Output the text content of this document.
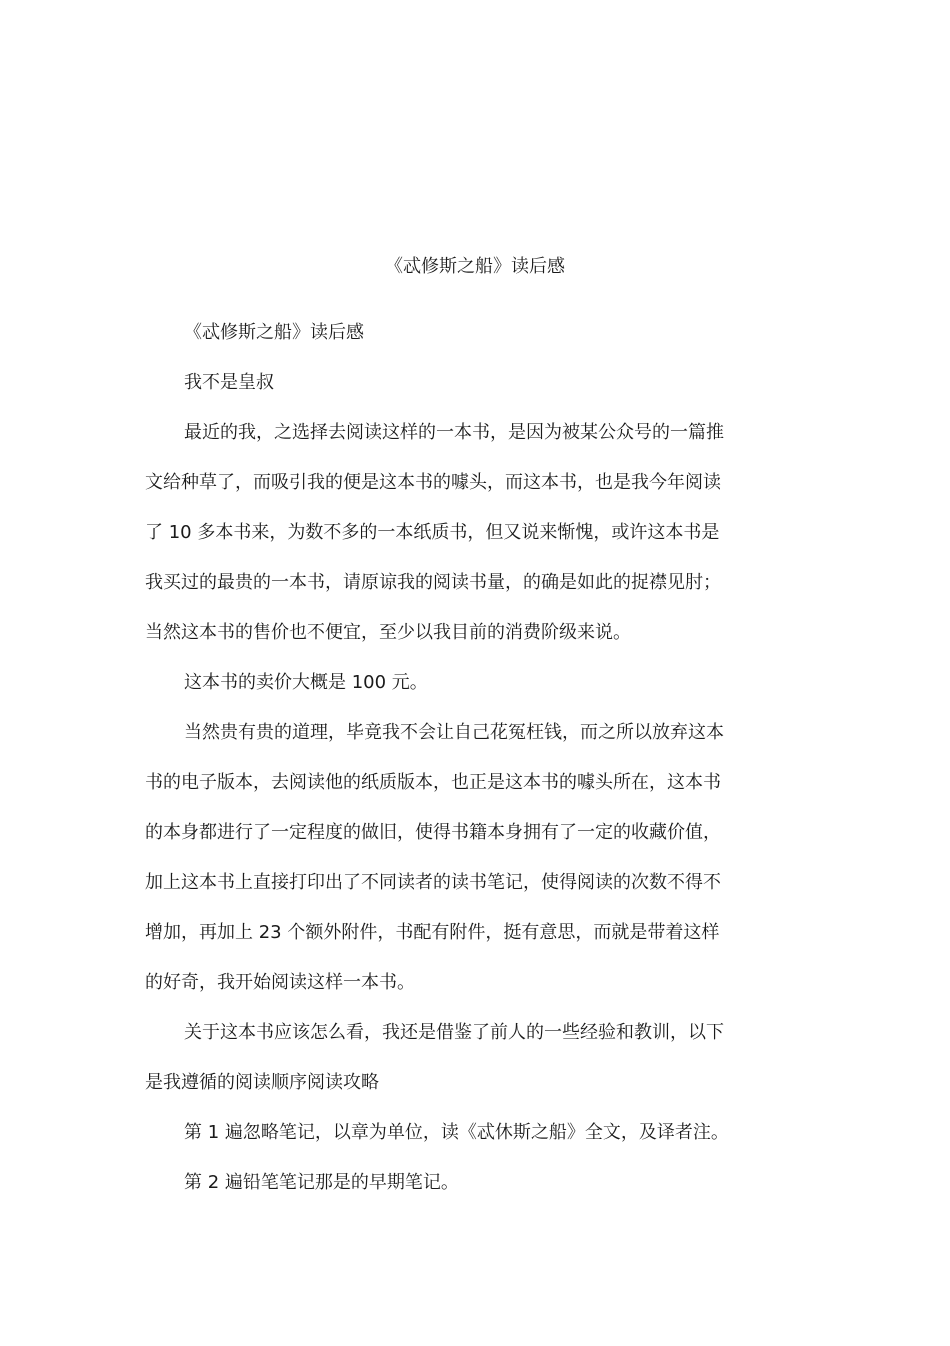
《忒修斯之船》读后感

《忒修斯之船》读后感

我不是皇叔

最近的我，之选择去阅读这样的一本书，是因为被某公众号的一篇推

文给种草了，而吸引我的便是这本书的噱头，而这本书，也是我今年阅读

了 10 多本书来，为数不多的一本纸质书，但又说来惭愧，或许这本书是

我买过的最贵的一本书，请原谅我的阅读书量，的确是如此的捉襟见肘；

当然这本书的售价也不便宜，至少以我目前的消费阶级来说。

这本书的卖价大概是 100 元。

当然贵有贵的道理，毕竟我不会让自己花冤枉钱，而之所以放弃这本

书的电子版本，去阅读他的纸质版本，也正是这本书的噱头所在，这本书

的本身都进行了一定程度的做旧，使得书籍本身拥有了一定的收藏价值，

加上这本书上直接打印出了不同读者的读书笔记，使得阅读的次数不得不

增加，再加上 23 个额外附件，书配有附件，挺有意思，而就是带着这样

的好奇，我开始阅读这样一本书。

关于这本书应该怎么看，我还是借鉴了前人的一些经验和教训，以下

是我遵循的阅读顺序阅读攻略

第 1 遍忽略笔记，以章为单位，读《忒休斯之船》全文，及译者注。

第 2 遍铅笔笔记那是的早期笔记。
